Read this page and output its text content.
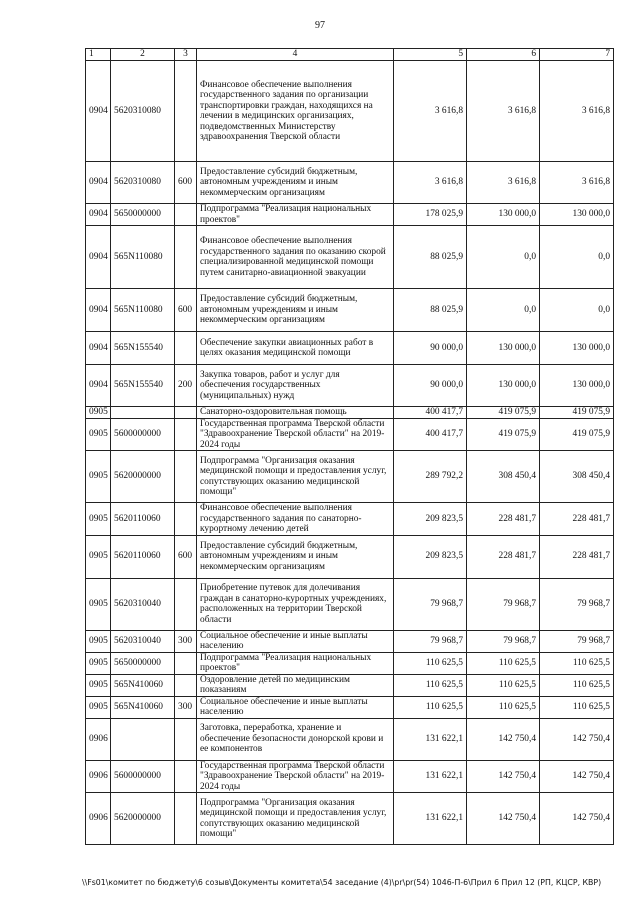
97
1	2	3	4	5	6	7
0904	5620310080		Финансовое обеспечение выполнения государственного задания по организации транспортировки граждан, находящихся на лечении в медицинских организациях, подведомственных Министерству здравоохранения Тверской области	3 616,8	3 616,8	3 616,8
0904	5620310080	600	Предоставление субсидий бюджетным, автономным учреждениям и иным некоммерческим организациям	3 616,8	3 616,8	3 616,8
0904	5650000000		Подпрограмма "Реализация национальных проектов"	178 025,9	130 000,0	130 000,0
0904	565N110080		Финансовое обеспечение выполнения государственного задания по оказанию скорой специализированной медицинской помощи путем санитарно-авиационной эвакуации	88 025,9	0,0	0,0
0904	565N110080	600	Предоставление субсидий бюджетным, автономным учреждениям и иным некоммерческим организациям	88 025,9	0,0	0,0
0904	565N155540		Обеспечение закупки авиационных работ в целях оказания медицинской помощи	90 000,0	130 000,0	130 000,0
0904	565N155540	200	Закупка товаров, работ и услуг для обеспечения государственных (муниципальных) нужд	90 000,0	130 000,0	130 000,0
0905			Санаторно-оздоровительная помощь	400 417,7	419 075,9	419 075,9
0905	5600000000		Государственная программа Тверской области "Здравоохранение Тверской области" на 2019-2024 годы	400 417,7	419 075,9	419 075,9
0905	5620000000		Подпрограмма "Организация оказания медицинской помощи и предоставления услуг, сопутствующих оказанию медицинской помощи"	289 792,2	308 450,4	308 450,4
0905	5620110060		Финансовое обеспечение выполнения государственного задания по санаторно-курортному лечению детей	209 823,5	228 481,7	228 481,7
0905	5620110060	600	Предоставление субсидий бюджетным, автономным учреждениям и иным некоммерческим организациям	209 823,5	228 481,7	228 481,7
0905	5620310040		Приобретение путевок для долечивания граждан в санаторно-курортных учреждениях, расположенных на территории Тверской области	79 968,7	79 968,7	79 968,7
0905	5620310040	300	Социальное обеспечение и иные выплаты населению	79 968,7	79 968,7	79 968,7
0905	5650000000		Подпрограмма "Реализация национальных проектов"	110 625,5	110 625,5	110 625,5
0905	565N410060		Оздоровление детей по медицинским показаниям	110 625,5	110 625,5	110 625,5
0905	565N410060	300	Социальное обеспечение и иные выплаты населению	110 625,5	110 625,5	110 625,5
0906			Заготовка, переработка, хранение и обеспечение безопасности донорской крови и ее компонентов	131 622,1	142 750,4	142 750,4
0906	5600000000		Государственная программа Тверской области "Здравоохранение Тверской области" на 2019-2024 годы	131 622,1	142 750,4	142 750,4
0906	5620000000		Подпрограмма "Организация оказания медицинской помощи и предоставления услуг, сопутствующих оказанию медицинской помощи"	131 622,1	142 750,4	142 750,4
\\Fs01\комитет по бюджету\6 созыв\Документы комитета\54 заседание (4)\pr\pr(54) 1046-П-6\Прил 6 Прил 12 (РП, КЦСР, КВР)
